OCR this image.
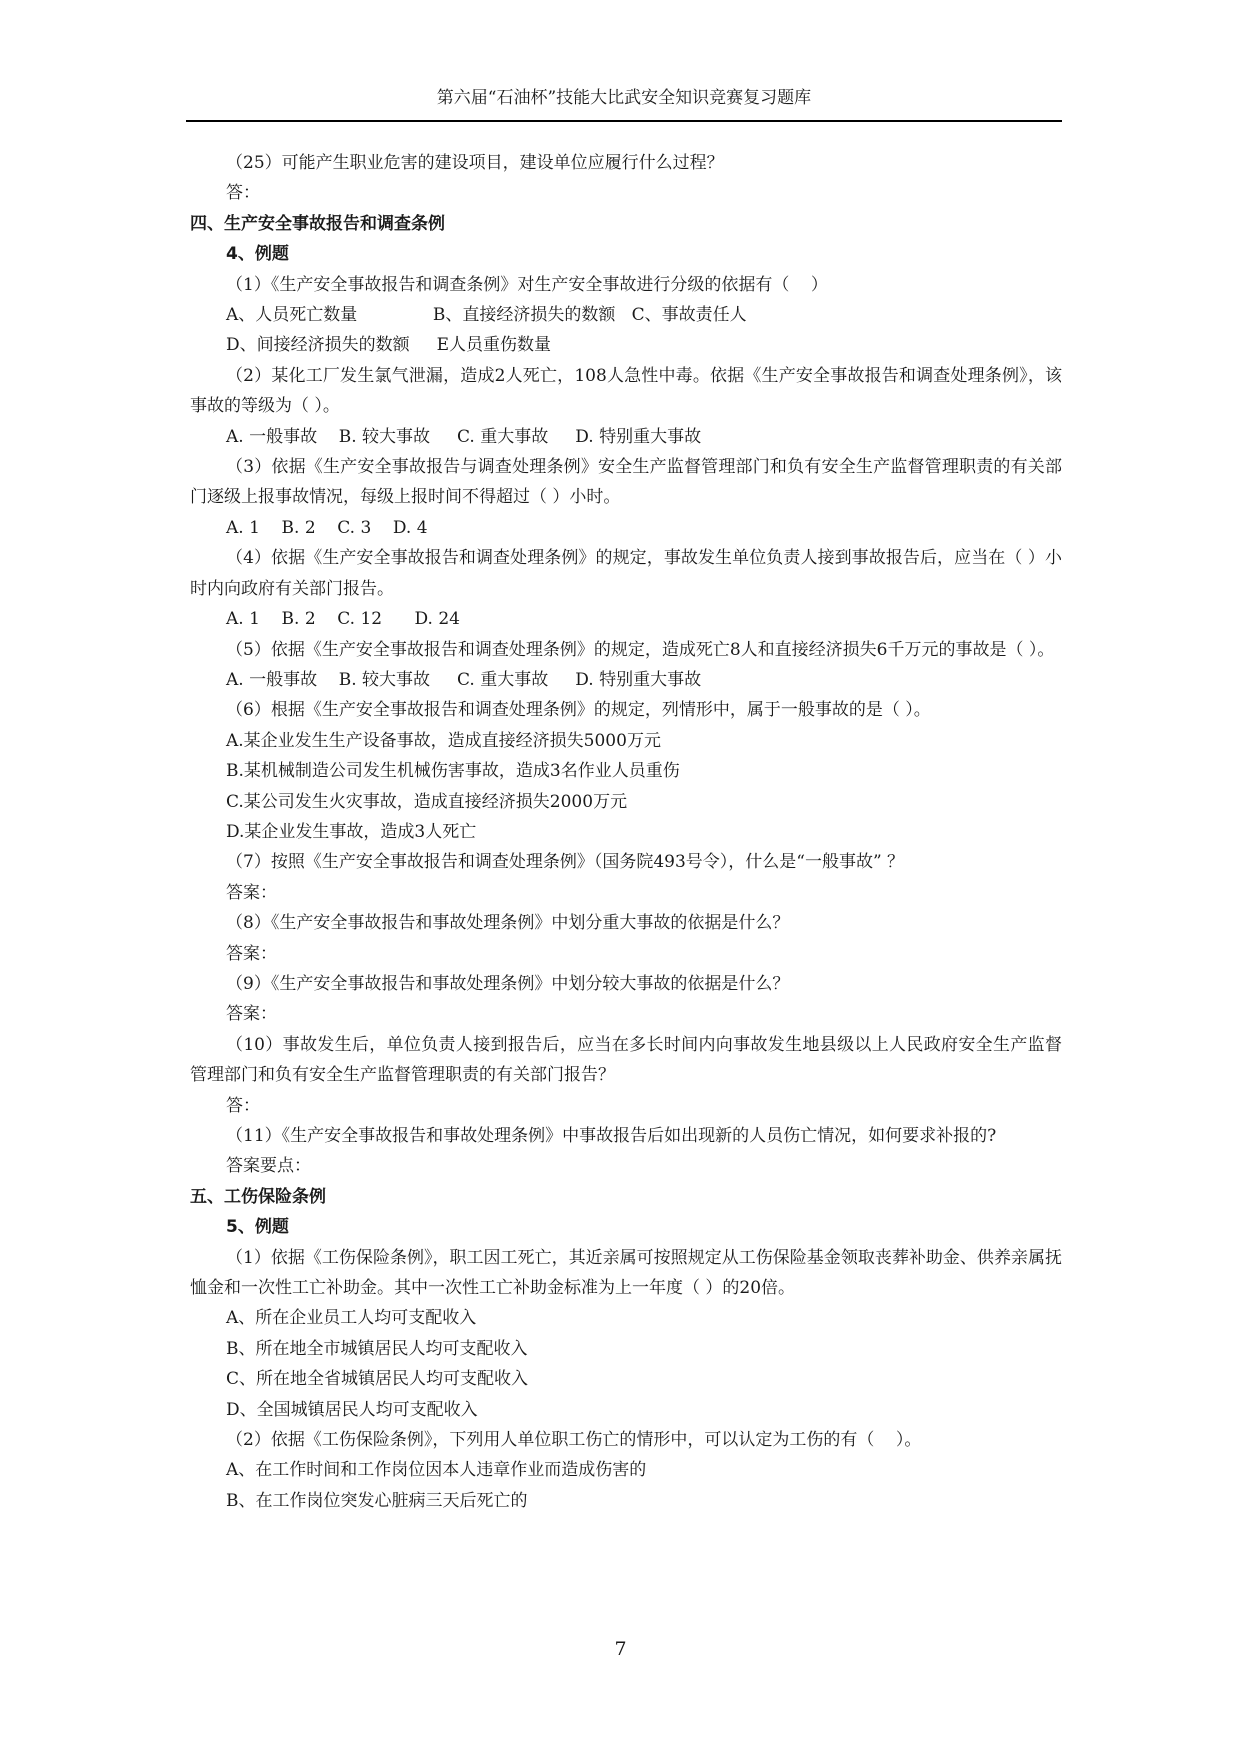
第六届“石油杯”技能大比武安全知识竞赛复习题库

（25）可能产生职业危害的建设项目，建设单位应履行什么过程？

答：

四、生产安全事故报告和调查条例

4、例题

（1）《生产安全事故报告和调查条例》对生产安全事故进行分级的依据有（    ）

A、人员死亡数量              B、直接经济损失的数额   C、事故责任人

D、间接经济损失的数额     E人员重伤数量

（2）某化工厂发生氯气泄漏，造成2人死亡，108人急性中毒。依据《生产安全事故报告和调查处理条例》，该事故的等级为（ ）。

A. 一般事故    B. 较大事故     C. 重大事故     D. 特别重大事故

（3）依据《生产安全事故报告与调查处理条例》安全生产监督管理部门和负有安全生产监督管理职责的有关部门逐级上报事故情况，每级上报时间不得超过（ ）小时。

A. 1    B. 2    C. 3    D. 4

（4）依据《生产安全事故报告和调查处理条例》的规定，事故发生单位负责人接到事故报告后，应当在（ ）小时内向政府有关部门报告。

A. 1    B. 2    C. 12      D. 24

（5）依据《生产安全事故报告和调查处理条例》的规定，造成死亡8人和直接经济损失6千万元的事故是（ ）。

A. 一般事故    B. 较大事故     C. 重大事故     D. 特别重大事故

（6）根据《生产安全事故报告和调查处理条例》的规定，列情形中，属于一般事故的是（ ）。

A.某企业发生生产设备事故，造成直接经济损失5000万元

B.某机械制造公司发生机械伤害事故，造成3名作业人员重伤

C.某公司发生火灾事故，造成直接经济损失2000万元

D.某企业发生事故，造成3人死亡

（7）按照《生产安全事故报告和调查处理条例》（国务院493号令），什么是“一般事故” ？

答案：

（8）《生产安全事故报告和事故处理条例》中划分重大事故的依据是什么？

答案：

（9）《生产安全事故报告和事故处理条例》中划分较大事故的依据是什么？

答案：

（10）事故发生后，单位负责人接到报告后，应当在多长时间内向事故发生地县级以上人民政府安全生产监督管理部门和负有安全生产监督管理职责的有关部门报告？

答：

（11）《生产安全事故报告和事故处理条例》中事故报告后如出现新的人员伤亡情况，如何要求补报的?

答案要点：

五、工伤保险条例

5、例题

（1）依据《工伤保险条例》，职工因工死亡，其近亲属可按照规定从工伤保险基金领取丧葬补助金、供养亲属抚恤金和一次性工亡补助金。其中一次性工亡补助金标准为上一年度（ ）的20倍。

A、所在企业员工人均可支配收入

B、所在地全市城镇居民人均可支配收入

C、所在地全省城镇居民人均可支配收入

D、全国城镇居民人均可支配收入

（2）依据《工伤保险条例》，下列用人单位职工伤亡的情形中，可以认定为工伤的有（    ）。

A、在工作时间和工作岗位因本人违章作业而造成伤害的

B、在工作岗位突发心脏病三天后死亡的

7
